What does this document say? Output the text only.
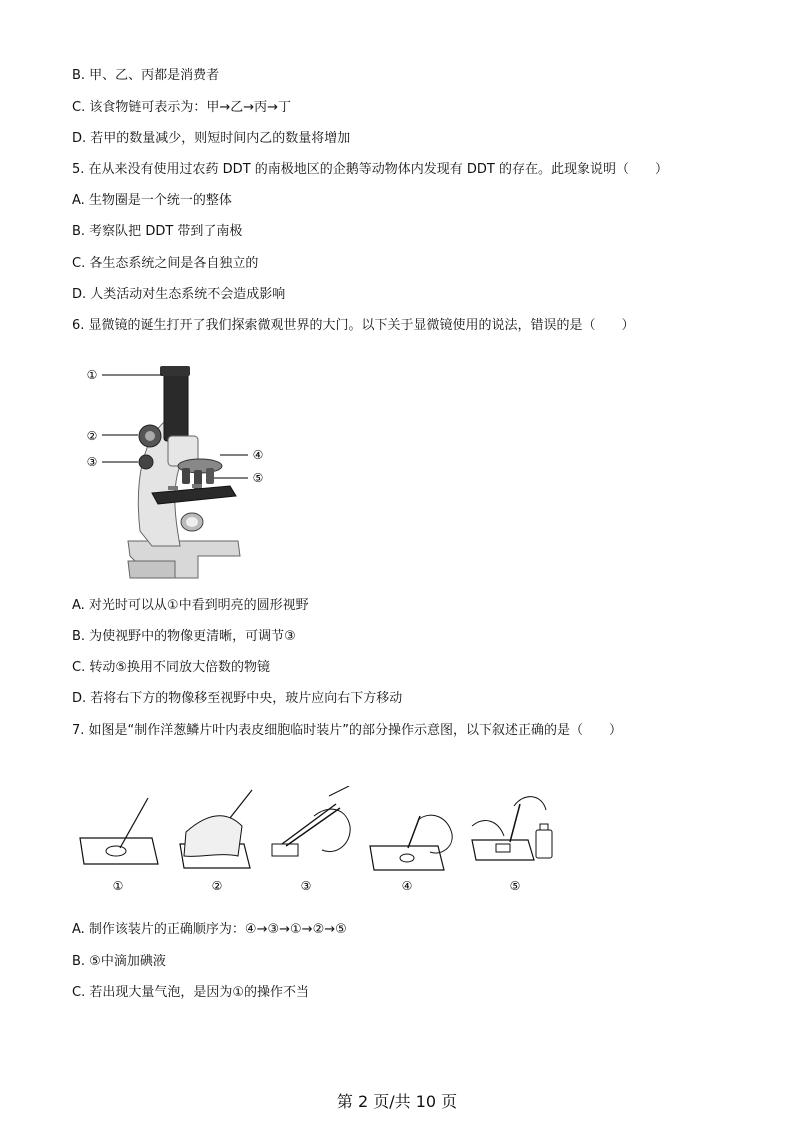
B. 甲、乙、丙都是消费者
C. 该食物链可表示为：甲→乙→丙→丁
D. 若甲的数量减少，则短时间内乙的数量将增加
5. 在从来没有使用过农药 DDT 的南极地区的企鹅等动物体内发现有 DDT 的存在。此现象说明（　　）
A. 生物圈是一个统一的整体
B. 考察队把 DDT 带到了南极
C. 各生态系统之间是各自独立的
D. 人类活动对生态系统不会造成影响
6. 显微镜的诞生打开了我们探索微观世界的大门。以下关于显微镜使用的说法，错误的是（　　）
①
②
③	④
⑤
A. 对光时可以从①中看到明亮的圆形视野
B. 为使视野中的物像更清晰，可调节③
C. 转动⑤换用不同放大倍数的物镜
D. 若将右下方的物像移至视野中央，玻片应向右下方移动
7. 如图是“制作洋葱鳞片叶内表皮细胞临时装片”的部分操作示意图，以下叙述正确的是（　　）
①	②	③	④	⑤
A. 制作该装片的正确顺序为：④→③→①→②→⑤
B. ⑤中滴加碘液
C. 若出现大量气泡，是因为①的操作不当
第 2 页/共 10 页
